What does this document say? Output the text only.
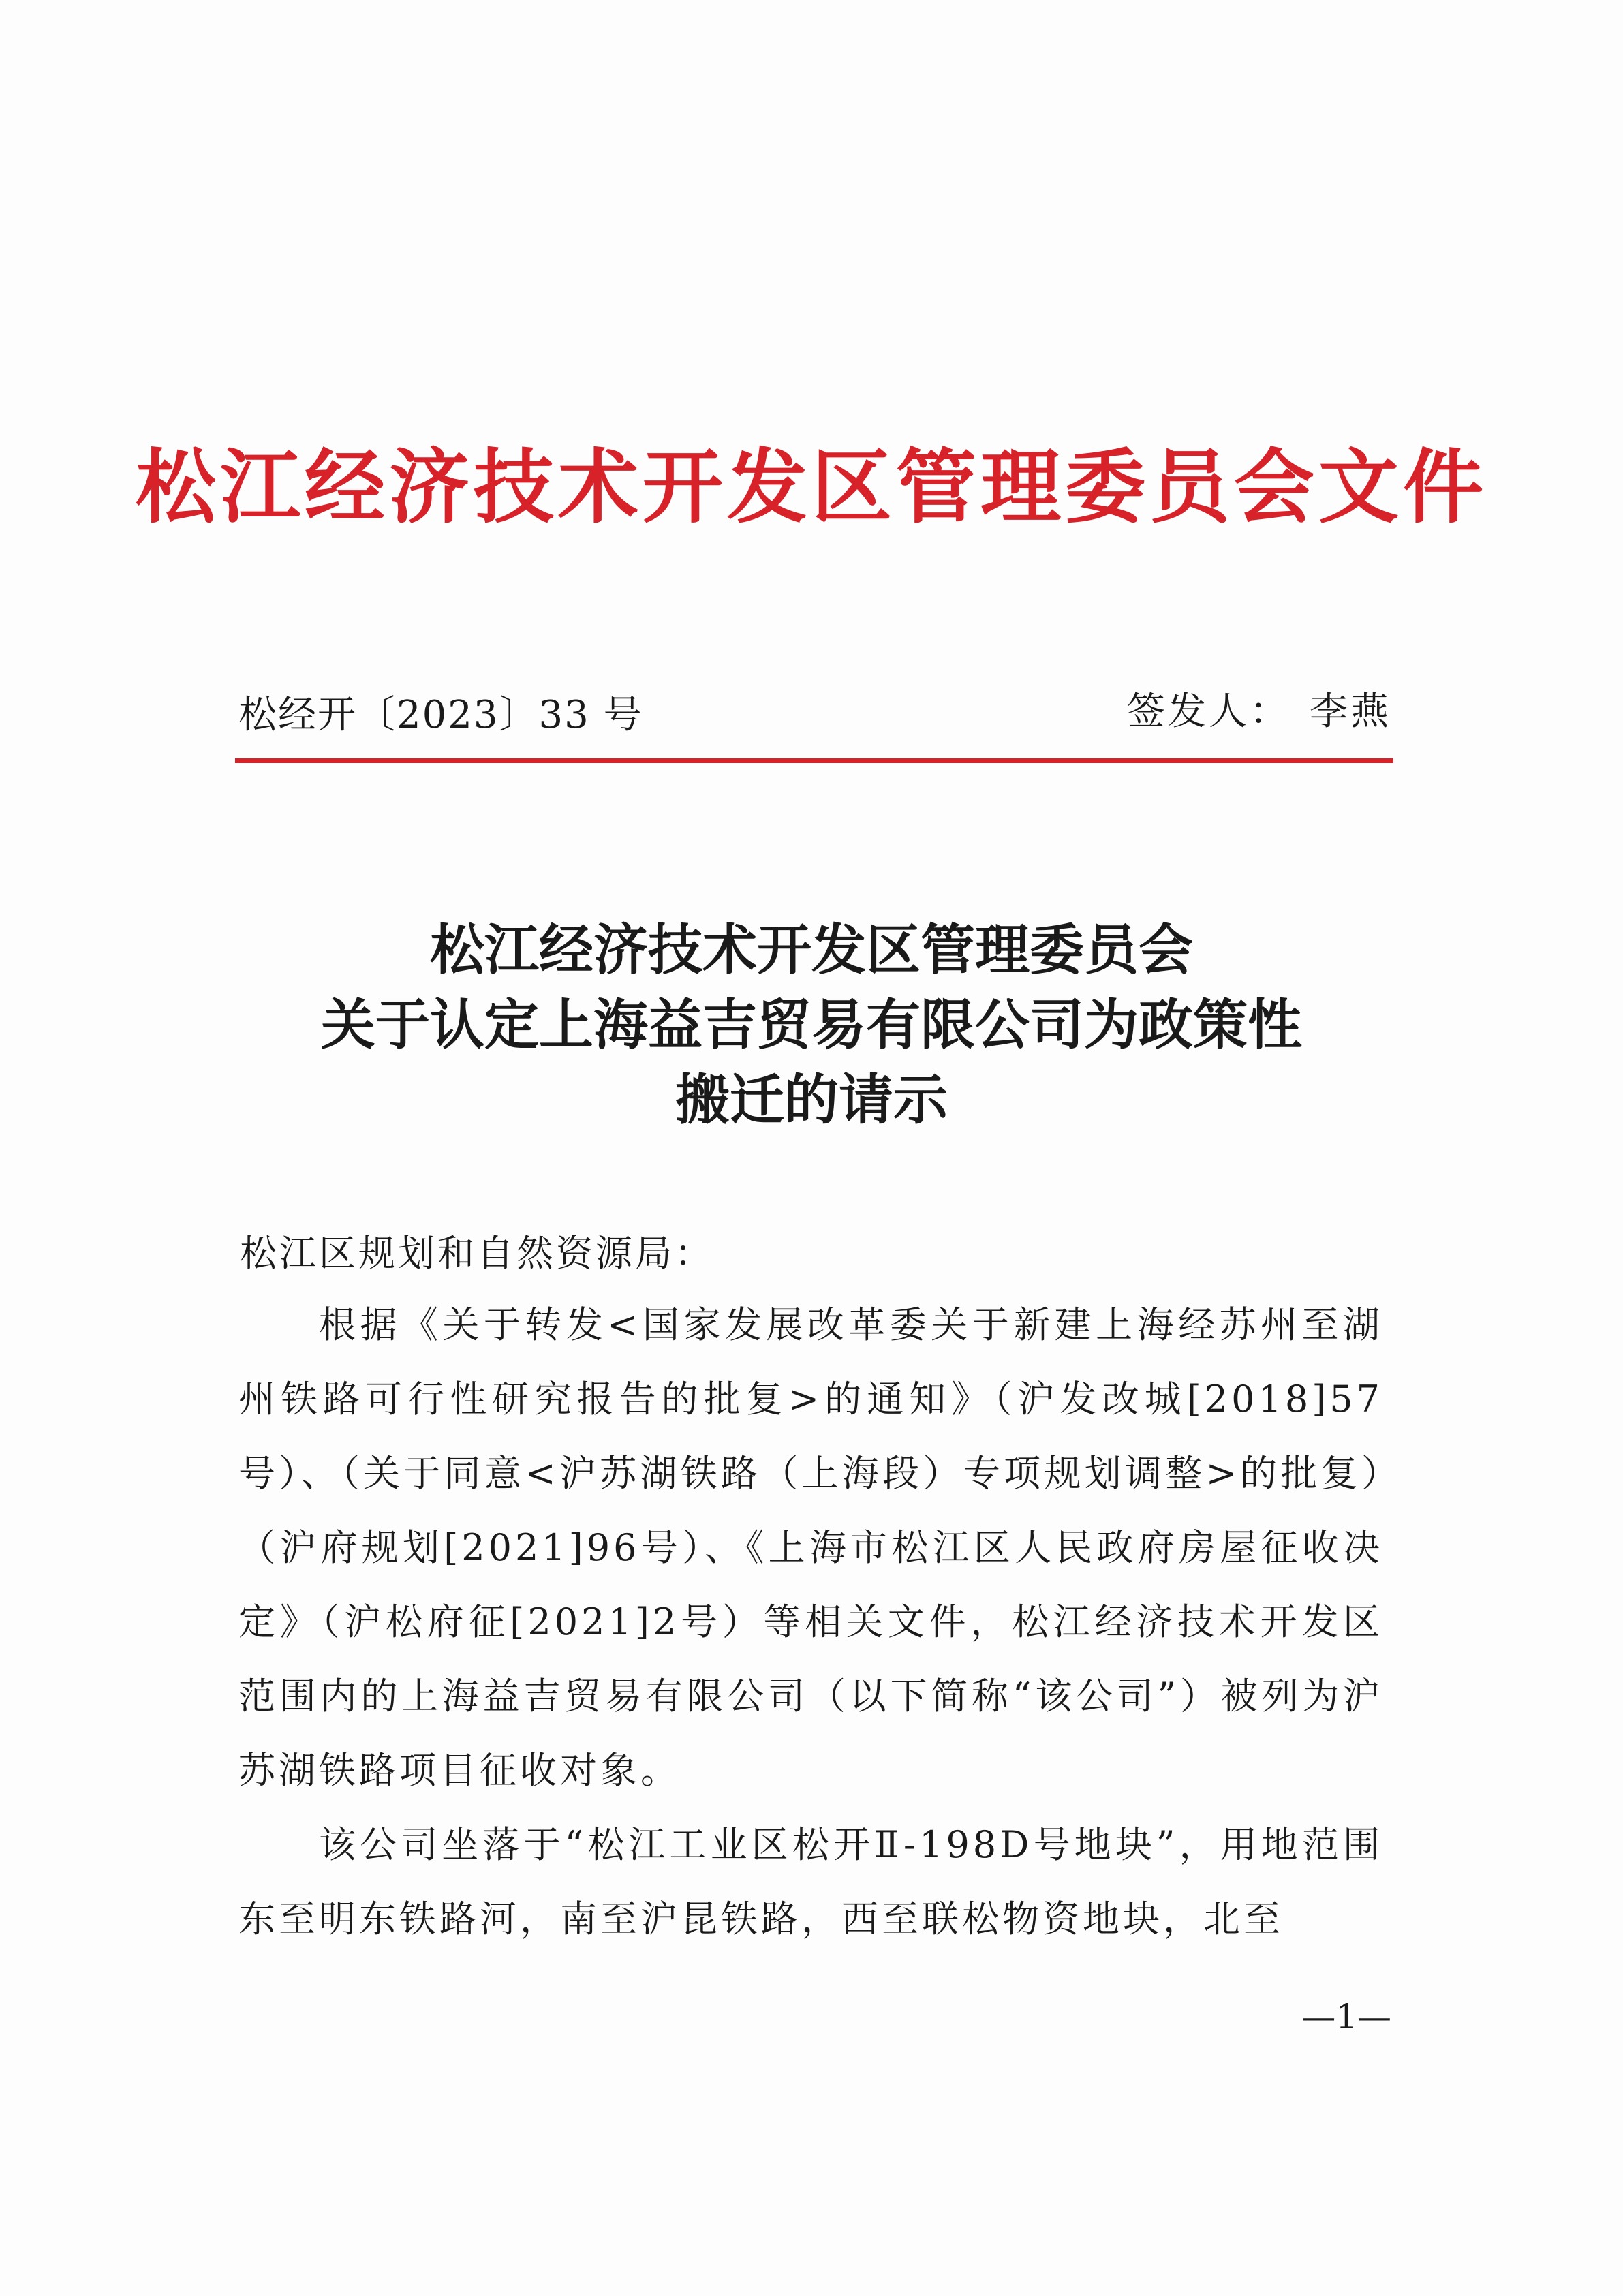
松江经济技术开发区管理委员会文件
松经开〔2023〕33 号	签发人： 李燕
松江经济技术开发区管理委员会
关于认定上海益吉贸易有限公司为政策性
搬迁的请示
松江区规划和自然资源局：

根据《关于转发<国家发展改革委关于新建上海经苏州至湖州铁路可行性研究报告的批复>的通知》（沪发改城[2018]57号）、（关于同意<沪苏湖铁路（上海段）专项规划调整>的批复）（沪府规划[2021]96号）、《上海市松江区人民政府房屋征收决定》（沪松府征[2021]2号）等相关文件，松江经济技术开发区范围内的上海益吉贸易有限公司（以下简称“该公司”）被列为沪苏湖铁路项目征收对象。

该公司坐落于“松江工业区松开Ⅱ-198D号地块”，用地范围东至明东铁路河，南至沪昆铁路，西至联松物资地块，北至

—1—
